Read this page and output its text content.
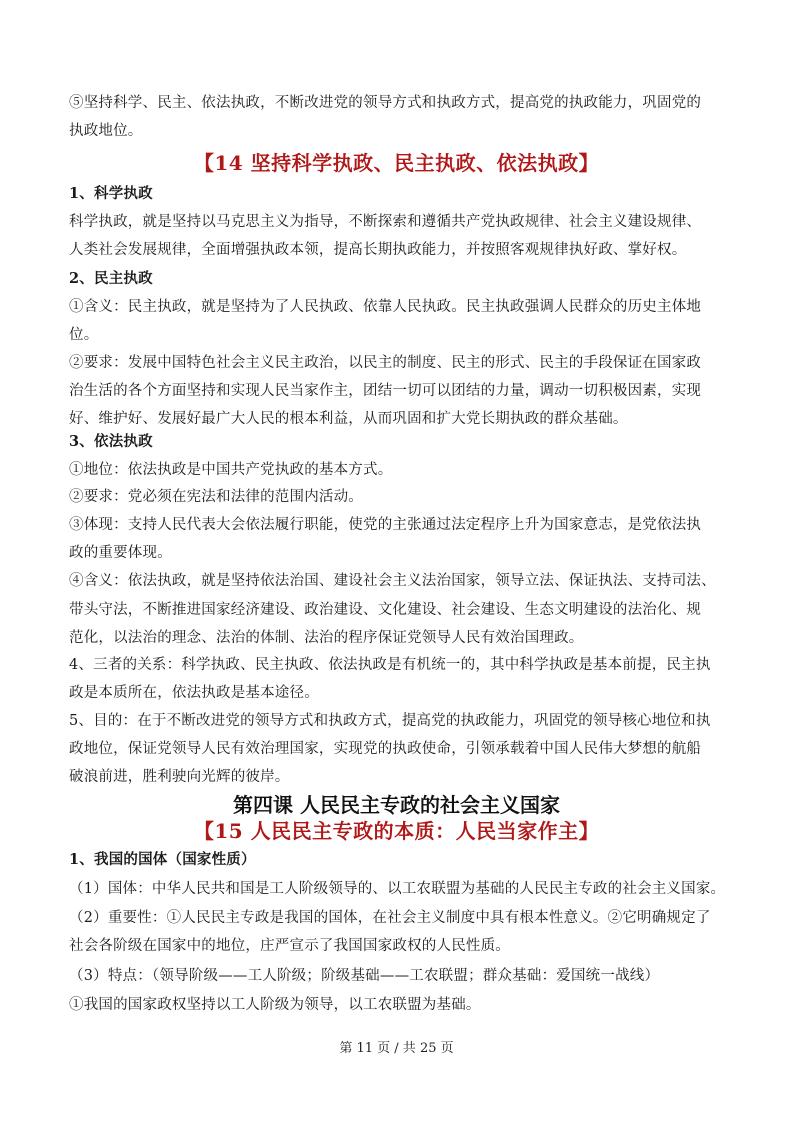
⑤坚持科学、民主、依法执政，不断改进党的领导方式和执政方式，提高党的执政能力，巩固党的
执政地位。
【14 坚持科学执政、民主执政、依法执政】
1、科学执政
科学执政，就是坚持以马克思主义为指导，不断探索和遵循共产党执政规律、社会主义建设规律、
人类社会发展规律，全面增强执政本领，提高长期执政能力，并按照客观规律执好政、掌好权。
2、民主执政
①含义：民主执政，就是坚持为了人民执政、依靠人民执政。民主执政强调人民群众的历史主体地
位。
②要求：发展中国特色社会主义民主政治，以民主的制度、民主的形式、民主的手段保证在国家政
治生活的各个方面坚持和实现人民当家作主，团结一切可以团结的力量，调动一切积极因素，实现
好、维护好、发展好最广大人民的根本利益，从而巩固和扩大党长期执政的群众基础。
3、依法执政
①地位：依法执政是中国共产党执政的基本方式。
②要求：党必须在宪法和法律的范围内活动。
③体现：支持人民代表大会依法履行职能，使党的主张通过法定程序上升为国家意志，是党依法执
政的重要体现。
④含义：依法执政，就是坚持依法治国、建设社会主义法治国家，领导立法、保证执法、支持司法、
带头守法，不断推进国家经济建设、政治建设、文化建设、社会建设、生态文明建设的法治化、规
范化，以法治的理念、法治的体制、法治的程序保证党领导人民有效治国理政。
4、三者的关系：科学执政、民主执政、依法执政是有机统一的，其中科学执政是基本前提，民主执
政是本质所在，依法执政是基本途径。
5、目的：在于不断改进党的领导方式和执政方式，提高党的执政能力，巩固党的领导核心地位和执
政地位，保证党领导人民有效治理国家，实现党的执政使命，引领承载着中国人民伟大梦想的航船
破浪前进，胜利驶向光辉的彼岸。
第四课 人民民主专政的社会主义国家
【15 人民民主专政的本质：人民当家作主】
1、我国的国体（国家性质）
（1）国体：中华人民共和国是工人阶级领导的、以工农联盟为基础的人民民主专政的社会主义国家。
（2）重要性：①人民民主专政是我国的国体，在社会主义制度中具有根本性意义。②它明确规定了
社会各阶级在国家中的地位，庄严宣示了我国国家政权的人民性质。
（3）特点：（领导阶级——工人阶级；阶级基础——工农联盟；群众基础：爱国统一战线）
①我国的国家政权坚持以工人阶级为领导，以工农联盟为基础。
第 11 页 / 共 25 页
